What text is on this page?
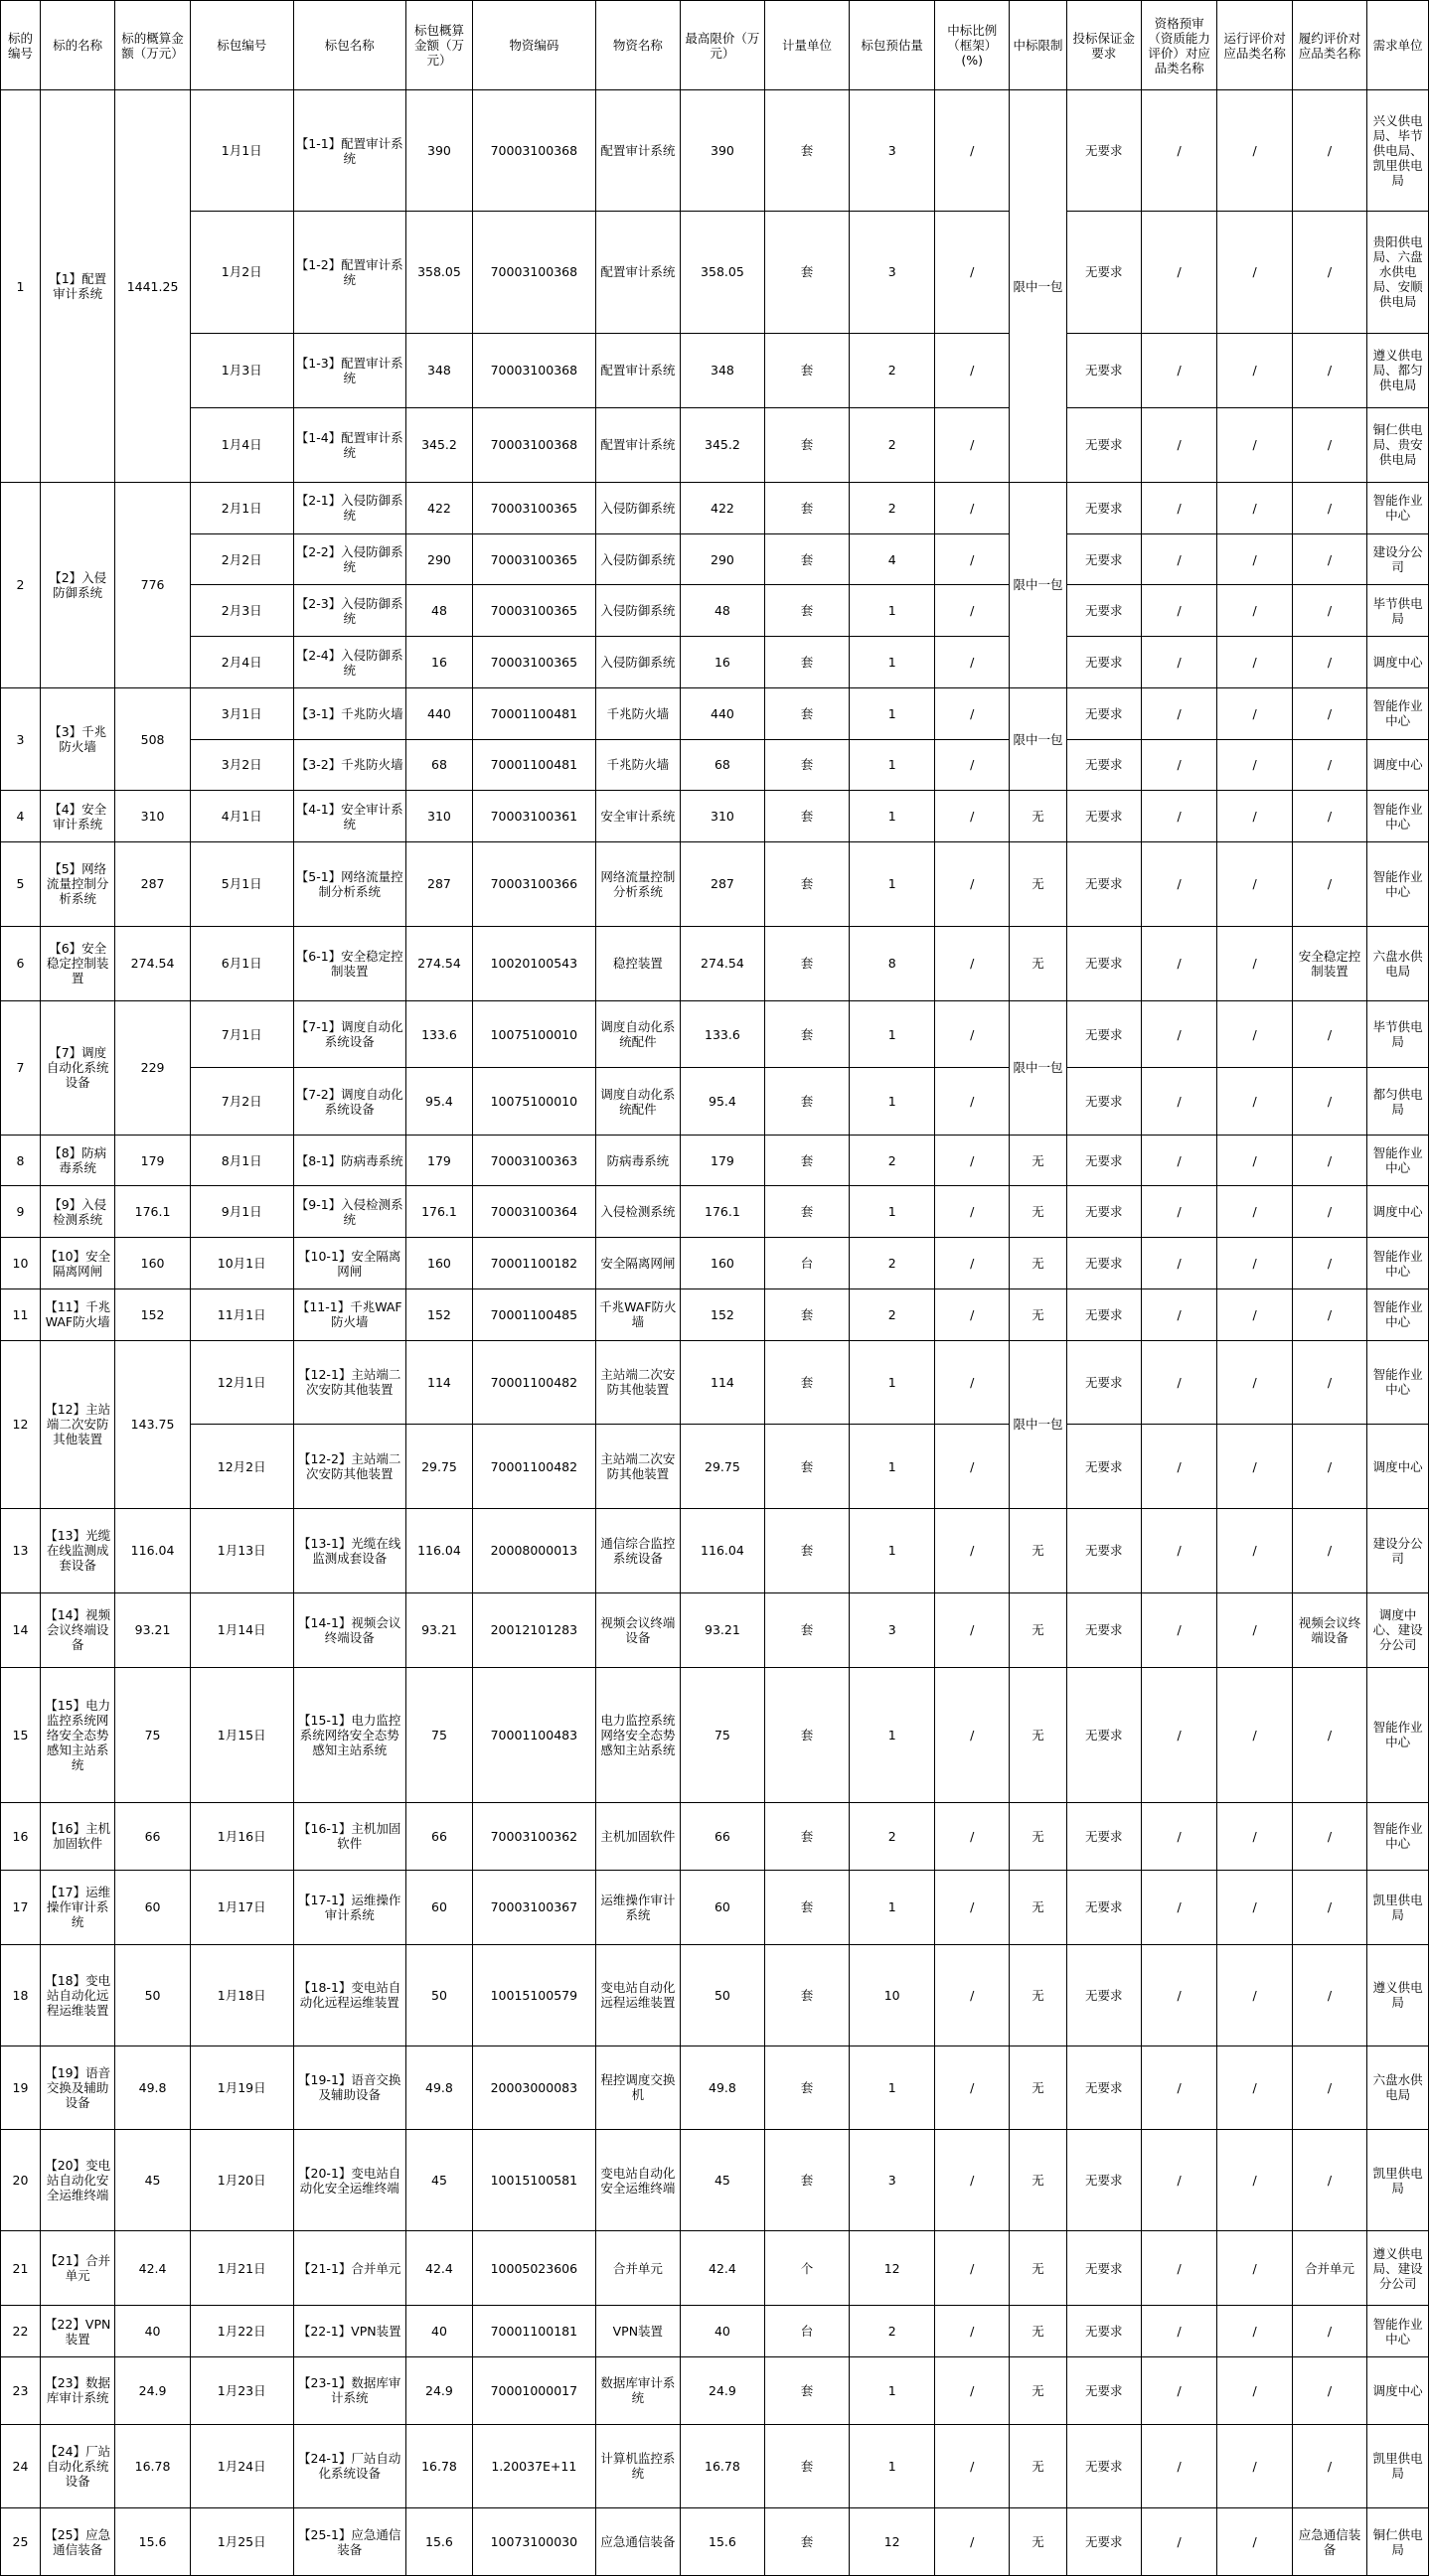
标的编号	标的名称	标的概算金额（万元）	标包编号	标包名称	标包概算金额（万元）	物资编码	物资名称	最高限价（万元）	计量单位	标包预估量	中标比例（框架）(%)	中标限制	投标保证金要求	资格预审（资质能力评价）对应品类名称	运行评价对应品类名称	履约评价对应品类名称	需求单位
1	【1】配置审计系统	1441.25	1月1日	【1-1】配置审计系统	390	70003100368	配置审计系统	390	套	3	/	限中一包	无要求	/	/	/	兴义供电局、毕节供电局、凯里供电局
			1月2日	【1-2】配置审计系统	358.05	70003100368	配置审计系统	358.05	套	3	/		无要求	/	/	/	贵阳供电局、六盘水供电局、安顺供电局
			1月3日	【1-3】配置审计系统	348	70003100368	配置审计系统	348	套	2	/		无要求	/	/	/	遵义供电局、都匀供电局
			1月4日	【1-4】配置审计系统	345.2	70003100368	配置审计系统	345.2	套	2	/		无要求	/	/	/	铜仁供电局、贵安供电局
2	【2】入侵防御系统	776	2月1日	【2-1】入侵防御系统	422	70003100365	入侵防御系统	422	套	2	/	限中一包	无要求	/	/	/	智能作业中心
			2月2日	【2-2】入侵防御系统	290	70003100365	入侵防御系统	290	套	4	/		无要求	/	/	/	建设分公司
			2月3日	【2-3】入侵防御系统	48	70003100365	入侵防御系统	48	套	1	/		无要求	/	/	/	毕节供电局
			2月4日	【2-4】入侵防御系统	16	70003100365	入侵防御系统	16	套	1	/		无要求	/	/	/	调度中心
3	【3】千兆防火墙	508	3月1日	【3-1】千兆防火墙	440	70001100481	千兆防火墙	440	套	1	/	限中一包	无要求	/	/	/	智能作业中心
			3月2日	【3-2】千兆防火墙	68	70001100481	千兆防火墙	68	套	1	/		无要求	/	/	/	调度中心
4	【4】安全审计系统	310	4月1日	【4-1】安全审计系统	310	70003100361	安全审计系统	310	套	1	/	无	无要求	/	/	/	智能作业中心
5	【5】网络流量控制分析系统	287	5月1日	【5-1】网络流量控制分析系统	287	70003100366	网络流量控制分析系统	287	套	1	/	无	无要求	/	/	/	智能作业中心
6	【6】安全稳定控制装置	274.54	6月1日	【6-1】安全稳定控制装置	274.54	10020100543	稳控装置	274.54	套	8	/	无	无要求	/	/	安全稳定控制装置	六盘水供电局
7	【7】调度自动化系统设备	229	7月1日	【7-1】调度自动化系统设备	133.6	10075100010	调度自动化系统配件	133.6	套	1	/	限中一包	无要求	/	/	/	毕节供电局
			7月2日	【7-2】调度自动化系统设备	95.4	10075100010	调度自动化系统配件	95.4	套	1	/		无要求	/	/	/	都匀供电局
8	【8】防病毒系统	179	8月1日	【8-1】防病毒系统	179	70003100363	防病毒系统	179	套	2	/	无	无要求	/	/	/	智能作业中心
9	【9】入侵检测系统	176.1	9月1日	【9-1】入侵检测系统	176.1	70003100364	入侵检测系统	176.1	套	1	/	无	无要求	/	/	/	调度中心
10	【10】安全隔离网闸	160	10月1日	【10-1】安全隔离网闸	160	70001100182	安全隔离网闸	160	台	2	/	无	无要求	/	/	/	智能作业中心
11	【11】千兆WAF防火墙	152	11月1日	【11-1】千兆WAF防火墙	152	70001100485	千兆WAF防火墙	152	套	2	/	无	无要求	/	/	/	智能作业中心
12	【12】主站端二次安防其他装置	143.75	12月1日	【12-1】主站端二次安防其他装置	114	70001100482	主站端二次安防其他装置	114	套	1	/	限中一包	无要求	/	/	/	智能作业中心
			12月2日	【12-2】主站端二次安防其他装置	29.75	70001100482	主站端二次安防其他装置	29.75	套	1	/		无要求	/	/	/	调度中心
13	【13】光缆在线监测成套设备	116.04	1月13日	【13-1】光缆在线监测成套设备	116.04	20008000013	通信综合监控系统设备	116.04	套	1	/	无	无要求	/	/	/	建设分公司
14	【14】视频会议终端设备	93.21	1月14日	【14-1】视频会议终端设备	93.21	20012101283	视频会议终端设备	93.21	套	3	/	无	无要求	/	/	视频会议终端设备	调度中心、建设分公司
15	【15】电力监控系统网络安全态势感知主站系统	75	1月15日	【15-1】电力监控系统网络安全态势感知主站系统	75	70001100483	电力监控系统网络安全态势感知主站系统	75	套	1	/	无	无要求	/	/	/	智能作业中心
16	【16】主机加固软件	66	1月16日	【16-1】主机加固软件	66	70003100362	主机加固软件	66	套	2	/	无	无要求	/	/	/	智能作业中心
17	【17】运维操作审计系统	60	1月17日	【17-1】运维操作审计系统	60	70003100367	运维操作审计系统	60	套	1	/	无	无要求	/	/	/	凯里供电局
18	【18】变电站自动化远程运维装置	50	1月18日	【18-1】变电站自动化远程运维装置	50	10015100579	变电站自动化远程运维装置	50	套	10	/	无	无要求	/	/	/	遵义供电局
19	【19】语音交换及辅助设备	49.8	1月19日	【19-1】语音交换及辅助设备	49.8	20003000083	程控调度交换机	49.8	套	1	/	无	无要求	/	/	/	六盘水供电局
20	【20】变电站自动化安全运维终端	45	1月20日	【20-1】变电站自动化安全运维终端	45	10015100581	变电站自动化安全运维终端	45	套	3	/	无	无要求	/	/	/	凯里供电局
21	【21】合并单元	42.4	1月21日	【21-1】合并单元	42.4	10005023606	合并单元	42.4	个	12	/	无	无要求	/	/	合并单元	遵义供电局、建设分公司
22	【22】VPN装置	40	1月22日	【22-1】VPN装置	40	70001100181	VPN装置	40	台	2	/	无	无要求	/	/	/	智能作业中心
23	【23】数据库审计系统	24.9	1月23日	【23-1】数据库审计系统	24.9	70001000017	数据库审计系统	24.9	套	1	/	无	无要求	/	/	/	调度中心
24	【24】厂站自动化系统设备	16.78	1月24日	【24-1】厂站自动化系统设备	16.78	1.20037E+11	计算机监控系统	16.78	套	1	/	无	无要求	/	/	/	凯里供电局
25	【25】应急通信装备	15.6	1月25日	【25-1】应急通信装备	15.6	10073100030	应急通信装备	15.6	套	12	/	无	无要求	/	/	应急通信装备	铜仁供电局
